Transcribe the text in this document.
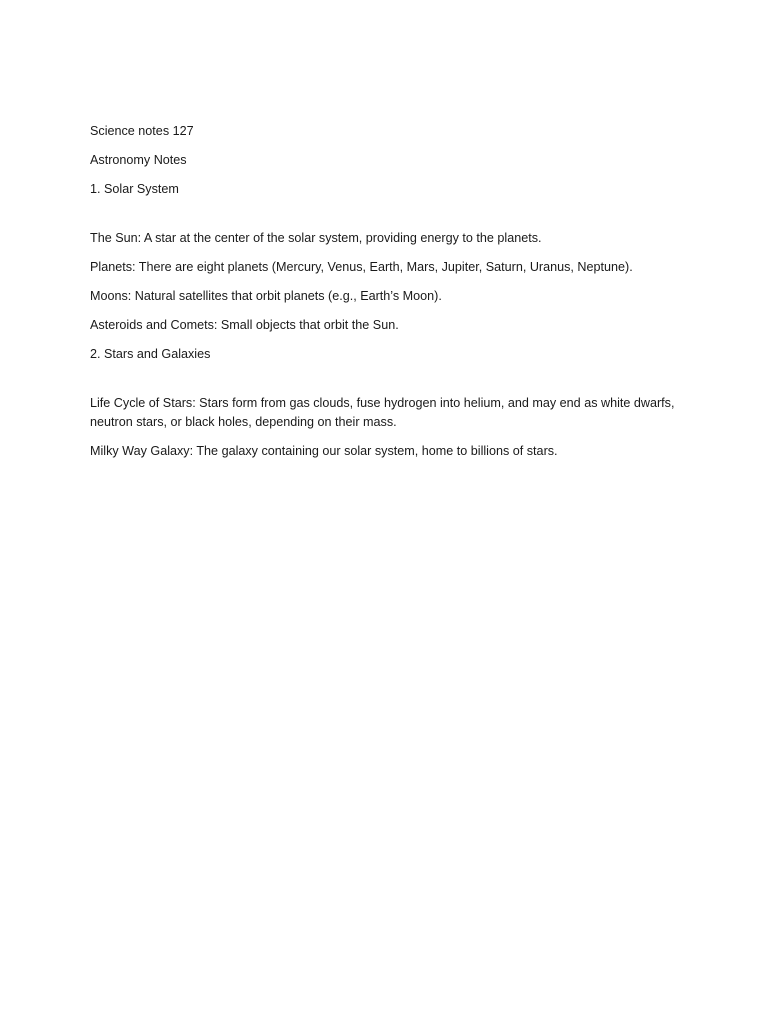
Science notes 127

Astronomy Notes

1. Solar System

The Sun: A star at the center of the solar system, providing energy to the planets.

Planets: There are eight planets (Mercury, Venus, Earth, Mars, Jupiter, Saturn, Uranus, Neptune).

Moons: Natural satellites that orbit planets (e.g., Earth’s Moon).

Asteroids and Comets: Small objects that orbit the Sun.

2. Stars and Galaxies

Life Cycle of Stars: Stars form from gas clouds, fuse hydrogen into helium, and may end as white dwarfs, neutron stars, or black holes, depending on their mass.

Milky Way Galaxy: The galaxy containing our solar system, home to billions of stars.
